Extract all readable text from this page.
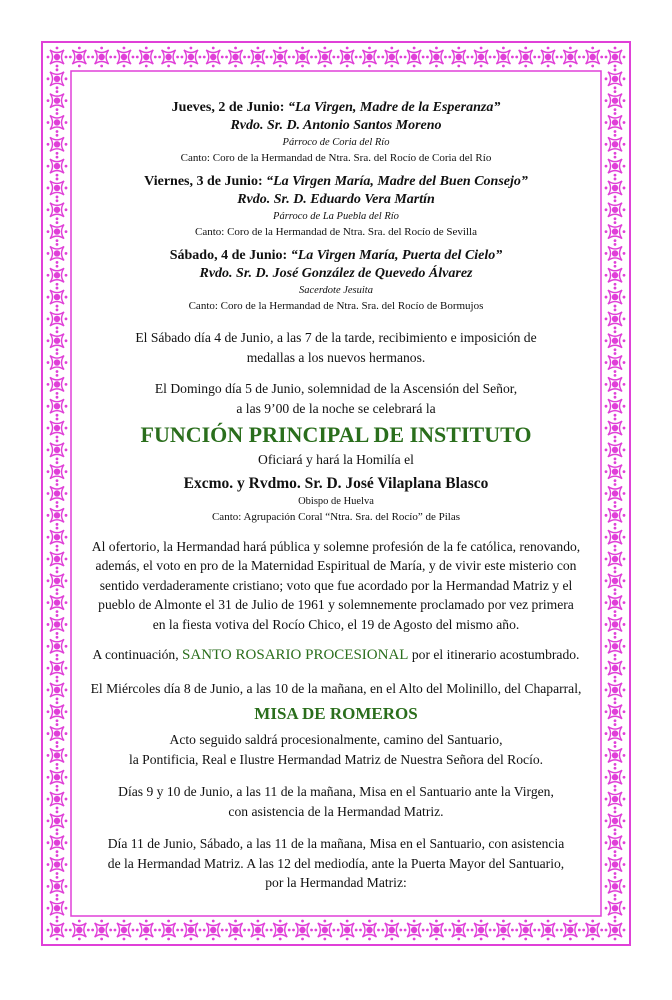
Jueves, 2 de Junio: “La Virgen, Madre de la Esperanza”
Rvdo. Sr. D. Antonio Santos Moreno
Párroco de Coria del Río
Canto: Coro de la Hermandad de Ntra. Sra. del Rocío de Coria del Río
Viernes, 3 de Junio: “La Virgen María, Madre del Buen Consejo”
Rvdo. Sr. D. Eduardo Vera Martín
Párroco de La Puebla del Río
Canto: Coro de la Hermandad de Ntra. Sra. del Rocío de Sevilla
Sábado, 4 de Junio: “La Virgen María, Puerta del Cielo”
Rvdo. Sr. D. José González de Quevedo Álvarez
Sacerdote Jesuita
Canto: Coro de la Hermandad de Ntra. Sra. del Rocío de Bormujos
El Sábado día 4 de Junio, a las 7 de la tarde, recibimiento e imposición de
medallas a los nuevos hermanos.
El Domingo día 5 de Junio, solemnidad de la Ascensión del Señor,
a las 9’00 de la noche se celebrará la
FUNCIÓN PRINCIPAL DE INSTITUTO
Oficiará y hará la Homilía el
Excmo. y Rvdmo. Sr. D. José Vilaplana Blasco
Obispo de Huelva
Canto: Agrupación Coral “Ntra. Sra. del Rocío” de Pilas
Al ofertorio, la Hermandad hará pública y solemne profesión de la fe católica, renovando,
además, el voto en pro de la Maternidad Espiritual de María, y de vivir este misterio con
sentido verdaderamente cristiano; voto que fue acordado por la Hermandad Matriz y el
pueblo de Almonte el 31 de Julio de 1961 y solemnemente proclamado por vez primera
en la fiesta votiva del Rocío Chico, el 19 de Agosto del mismo año.
A continuación, SANTO ROSARIO PROCESIONAL por el itinerario acostumbrado.
El Miércoles día 8 de Junio, a las 10 de la mañana, en el Alto del Molinillo, del Chaparral,
MISA DE ROMEROS
Acto seguido saldrá procesionalmente, camino del Santuario,
la Pontificia, Real e Ilustre Hermandad Matriz de Nuestra Señora del Rocío.
Días 9 y 10 de Junio, a las 11 de la mañana, Misa en el Santuario ante la Virgen,
con asistencia de la Hermandad Matriz.
Día 11 de Junio, Sábado, a las 11 de la mañana, Misa en el Santuario, con asistencia
de la Hermandad Matriz. A las 12 del mediodía, ante la Puerta Mayor del Santuario,
por la Hermandad Matriz:
